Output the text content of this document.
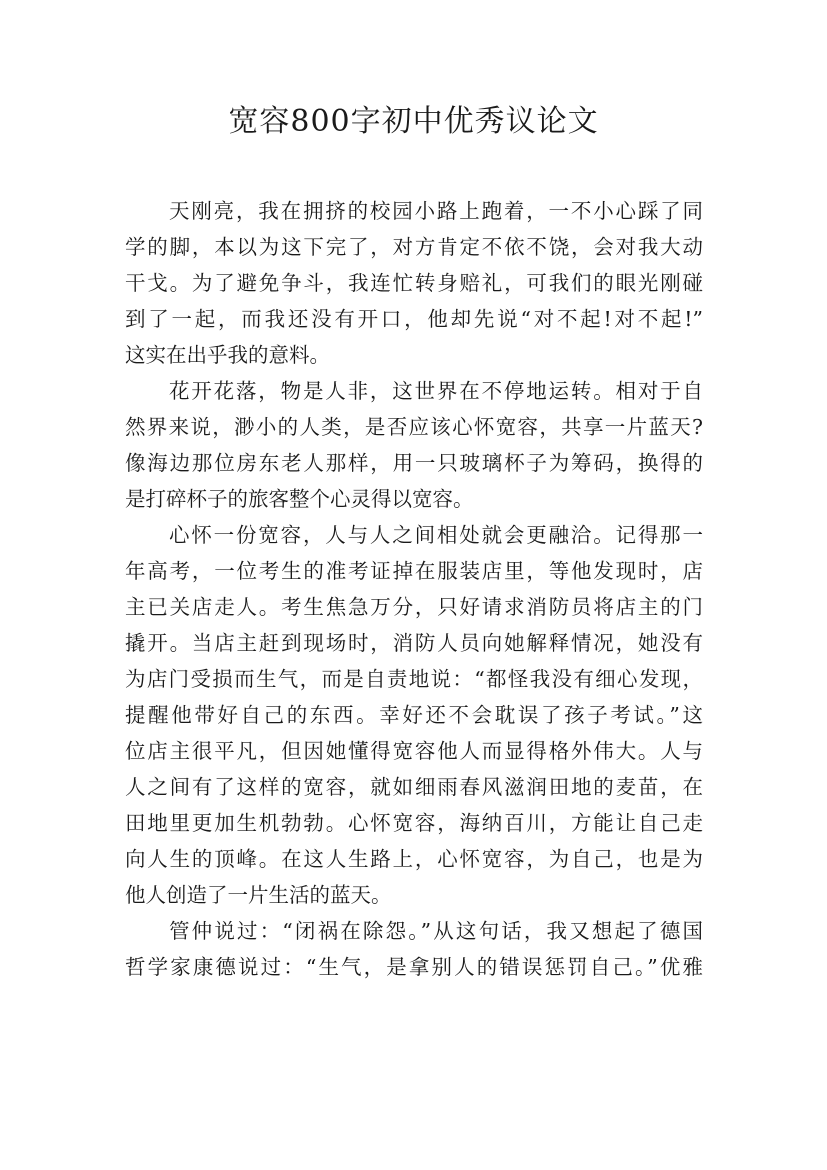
宽容800字初中优秀议论文
天刚亮，我在拥挤的校园小路上跑着，一不小心踩了同
学的脚，本以为这下完了，对方肯定不依不饶，会对我大动
干戈。为了避免争斗，我连忙转身赔礼，可我们的眼光刚碰
到了一起，而我还没有开口，他却先说“对不起!对不起!”
这实在出乎我的意料。
花开花落，物是人非，这世界在不停地运转。相对于自
然界来说，渺小的人类，是否应该心怀宽容，共享一片蓝天?
像海边那位房东老人那样，用一只玻璃杯子为筹码，换得的
是打碎杯子的旅客整个心灵得以宽容。
心怀一份宽容，人与人之间相处就会更融洽。记得那一
年高考，一位考生的准考证掉在服装店里，等他发现时，店
主已关店走人。考生焦急万分，只好请求消防员将店主的门
撬开。当店主赶到现场时，消防人员向她解释情况，她没有
为店门受损而生气，而是自责地说：“都怪我没有细心发现，
提醒他带好自己的东西。幸好还不会耽误了孩子考试。”这
位店主很平凡，但因她懂得宽容他人而显得格外伟大。人与
人之间有了这样的宽容，就如细雨春风滋润田地的麦苗，在
田地里更加生机勃勃。心怀宽容，海纳百川，方能让自己走
向人生的顶峰。在这人生路上，心怀宽容，为自己，也是为
他人创造了一片生活的蓝天。
管仲说过：“闭祸在除怨。”从这句话，我又想起了德国
哲学家康德说过：“生气，是拿别人的错误惩罚自己。”优雅
